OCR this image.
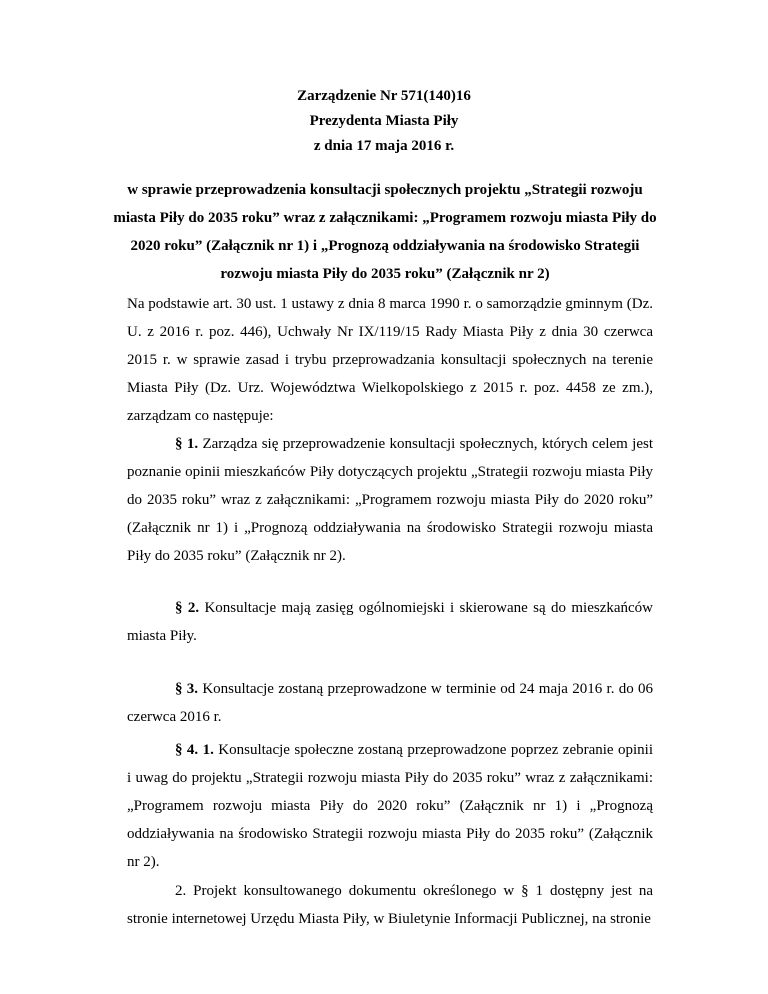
Zarządzenie Nr 571(140)16
Prezydenta Miasta Piły
z dnia 17 maja 2016 r.
w sprawie przeprowadzenia konsultacji społecznych projektu „Strategii rozwoju miasta Piły do 2035 roku” wraz z załącznikami: „Programem rozwoju miasta Piły do 2020 roku” (Załącznik nr 1) i „Prognozą oddziaływania na środowisko Strategii rozwoju miasta Piły do 2035 roku” (Załącznik nr 2)

Na podstawie art. 30 ust. 1 ustawy z dnia 8 marca 1990 r. o samorządzie gminnym (Dz. U. z 2016 r. poz. 446), Uchwały Nr IX/119/15 Rady Miasta Piły z dnia 30 czerwca 2015 r. w sprawie zasad i trybu przeprowadzania konsultacji społecznych na terenie Miasta Piły (Dz. Urz. Województwa Wielkopolskiego z 2015 r. poz. 4458 ze zm.), zarządzam co następuje:

§ 1. Zarządza się przeprowadzenie konsultacji społecznych, których celem jest poznanie opinii mieszkańców Piły dotyczących projektu „Strategii rozwoju miasta Piły do 2035 roku” wraz z załącznikami: „Programem rozwoju miasta Piły do 2020 roku” (Załącznik nr 1) i „Prognozą oddziaływania na środowisko Strategii rozwoju miasta Piły do 2035 roku” (Załącznik nr 2).

§ 2. Konsultacje mają zasięg ogólnomiejski i skierowane są do mieszkańców miasta Piły.

§ 3. Konsultacje zostaną przeprowadzone w terminie od 24 maja 2016 r. do 06 czerwca 2016 r.

§ 4. 1. Konsultacje społeczne zostaną przeprowadzone poprzez zebranie opinii i uwag do projektu „Strategii rozwoju miasta Piły do 2035 roku” wraz z załącznikami: „Programem rozwoju miasta Piły do 2020 roku” (Załącznik nr 1) i „Prognozą oddziaływania na środowisko Strategii rozwoju miasta Piły do 2035 roku” (Załącznik nr 2).

2. Projekt konsultowanego dokumentu określonego w § 1 dostępny jest na stronie internetowej Urzędu Miasta Piły, w Biuletynie Informacji Publicznej, na stronie
